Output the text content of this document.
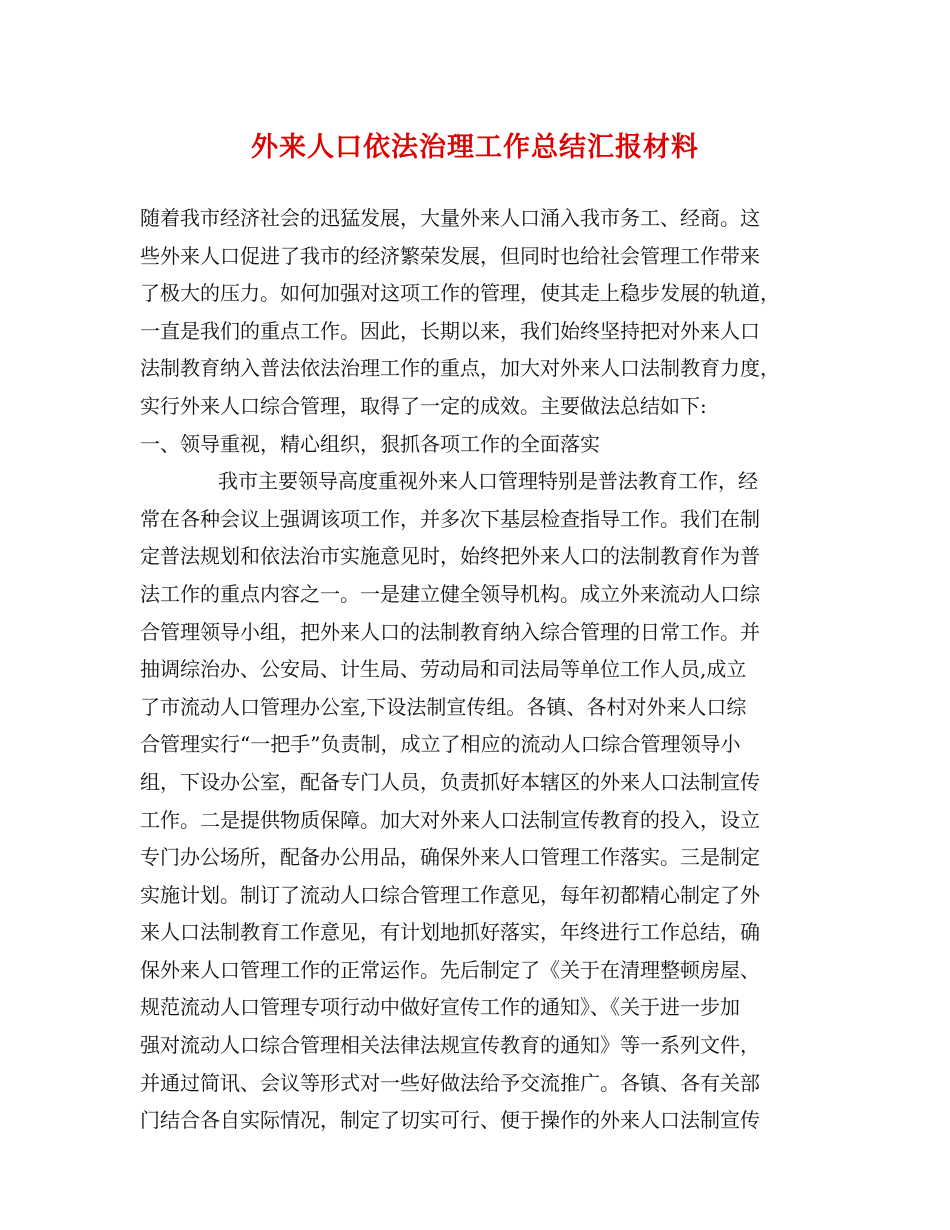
外来人口依法治理工作总结汇报材料
随着我市经济社会的迅猛发展，大量外来人口涌入我市务工、经商。这
些外来人口促进了我市的经济繁荣发展，但同时也给社会管理工作带来
了极大的压力。如何加强对这项工作的管理，使其走上稳步发展的轨道，
一直是我们的重点工作。因此，长期以来，我们始终坚持把对外来人口
法制教育纳入普法依法治理工作的重点，加大对外来人口法制教育力度，
实行外来人口综合管理，取得了一定的成效。主要做法总结如下:
一、领导重视，精心组织，狠抓各项工作的全面落实
我市主要领导高度重视外来人口管理特别是普法教育工作，经
常在各种会议上强调该项工作，并多次下基层检查指导工作。我们在制
定普法规划和依法治市实施意见时，始终把外来人口的法制教育作为普
法工作的重点内容之一。一是建立健全领导机构。成立外来流动人口综
合管理领导小组，把外来人口的法制教育纳入综合管理的日常工作。并
抽调综治办、公安局、计生局、劳动局和司法局等单位工作人员,成立
了市流动人口管理办公室,下设法制宣传组。各镇、各村对外来人口综
合管理实行“一把手”负责制，成立了相应的流动人口综合管理领导小
组，下设办公室，配备专门人员，负责抓好本辖区的外来人口法制宣传
工作。二是提供物质保障。加大对外来人口法制宣传教育的投入，设立
专门办公场所，配备办公用品，确保外来人口管理工作落实。三是制定
实施计划。制订了流动人口综合管理工作意见，每年初都精心制定了外
来人口法制教育工作意见，有计划地抓好落实，年终进行工作总结，确
保外来人口管理工作的正常运作。先后制定了《关于在清理整顿房屋、
规范流动人口管理专项行动中做好宣传工作的通知》、《关于进一步加
强对流动人口综合管理相关法律法规宣传教育的通知》等一系列文件，
并通过简讯、会议等形式对一些好做法给予交流推广。各镇、各有关部
门结合各自实际情况，制定了切实可行、便于操作的外来人口法制宣传
